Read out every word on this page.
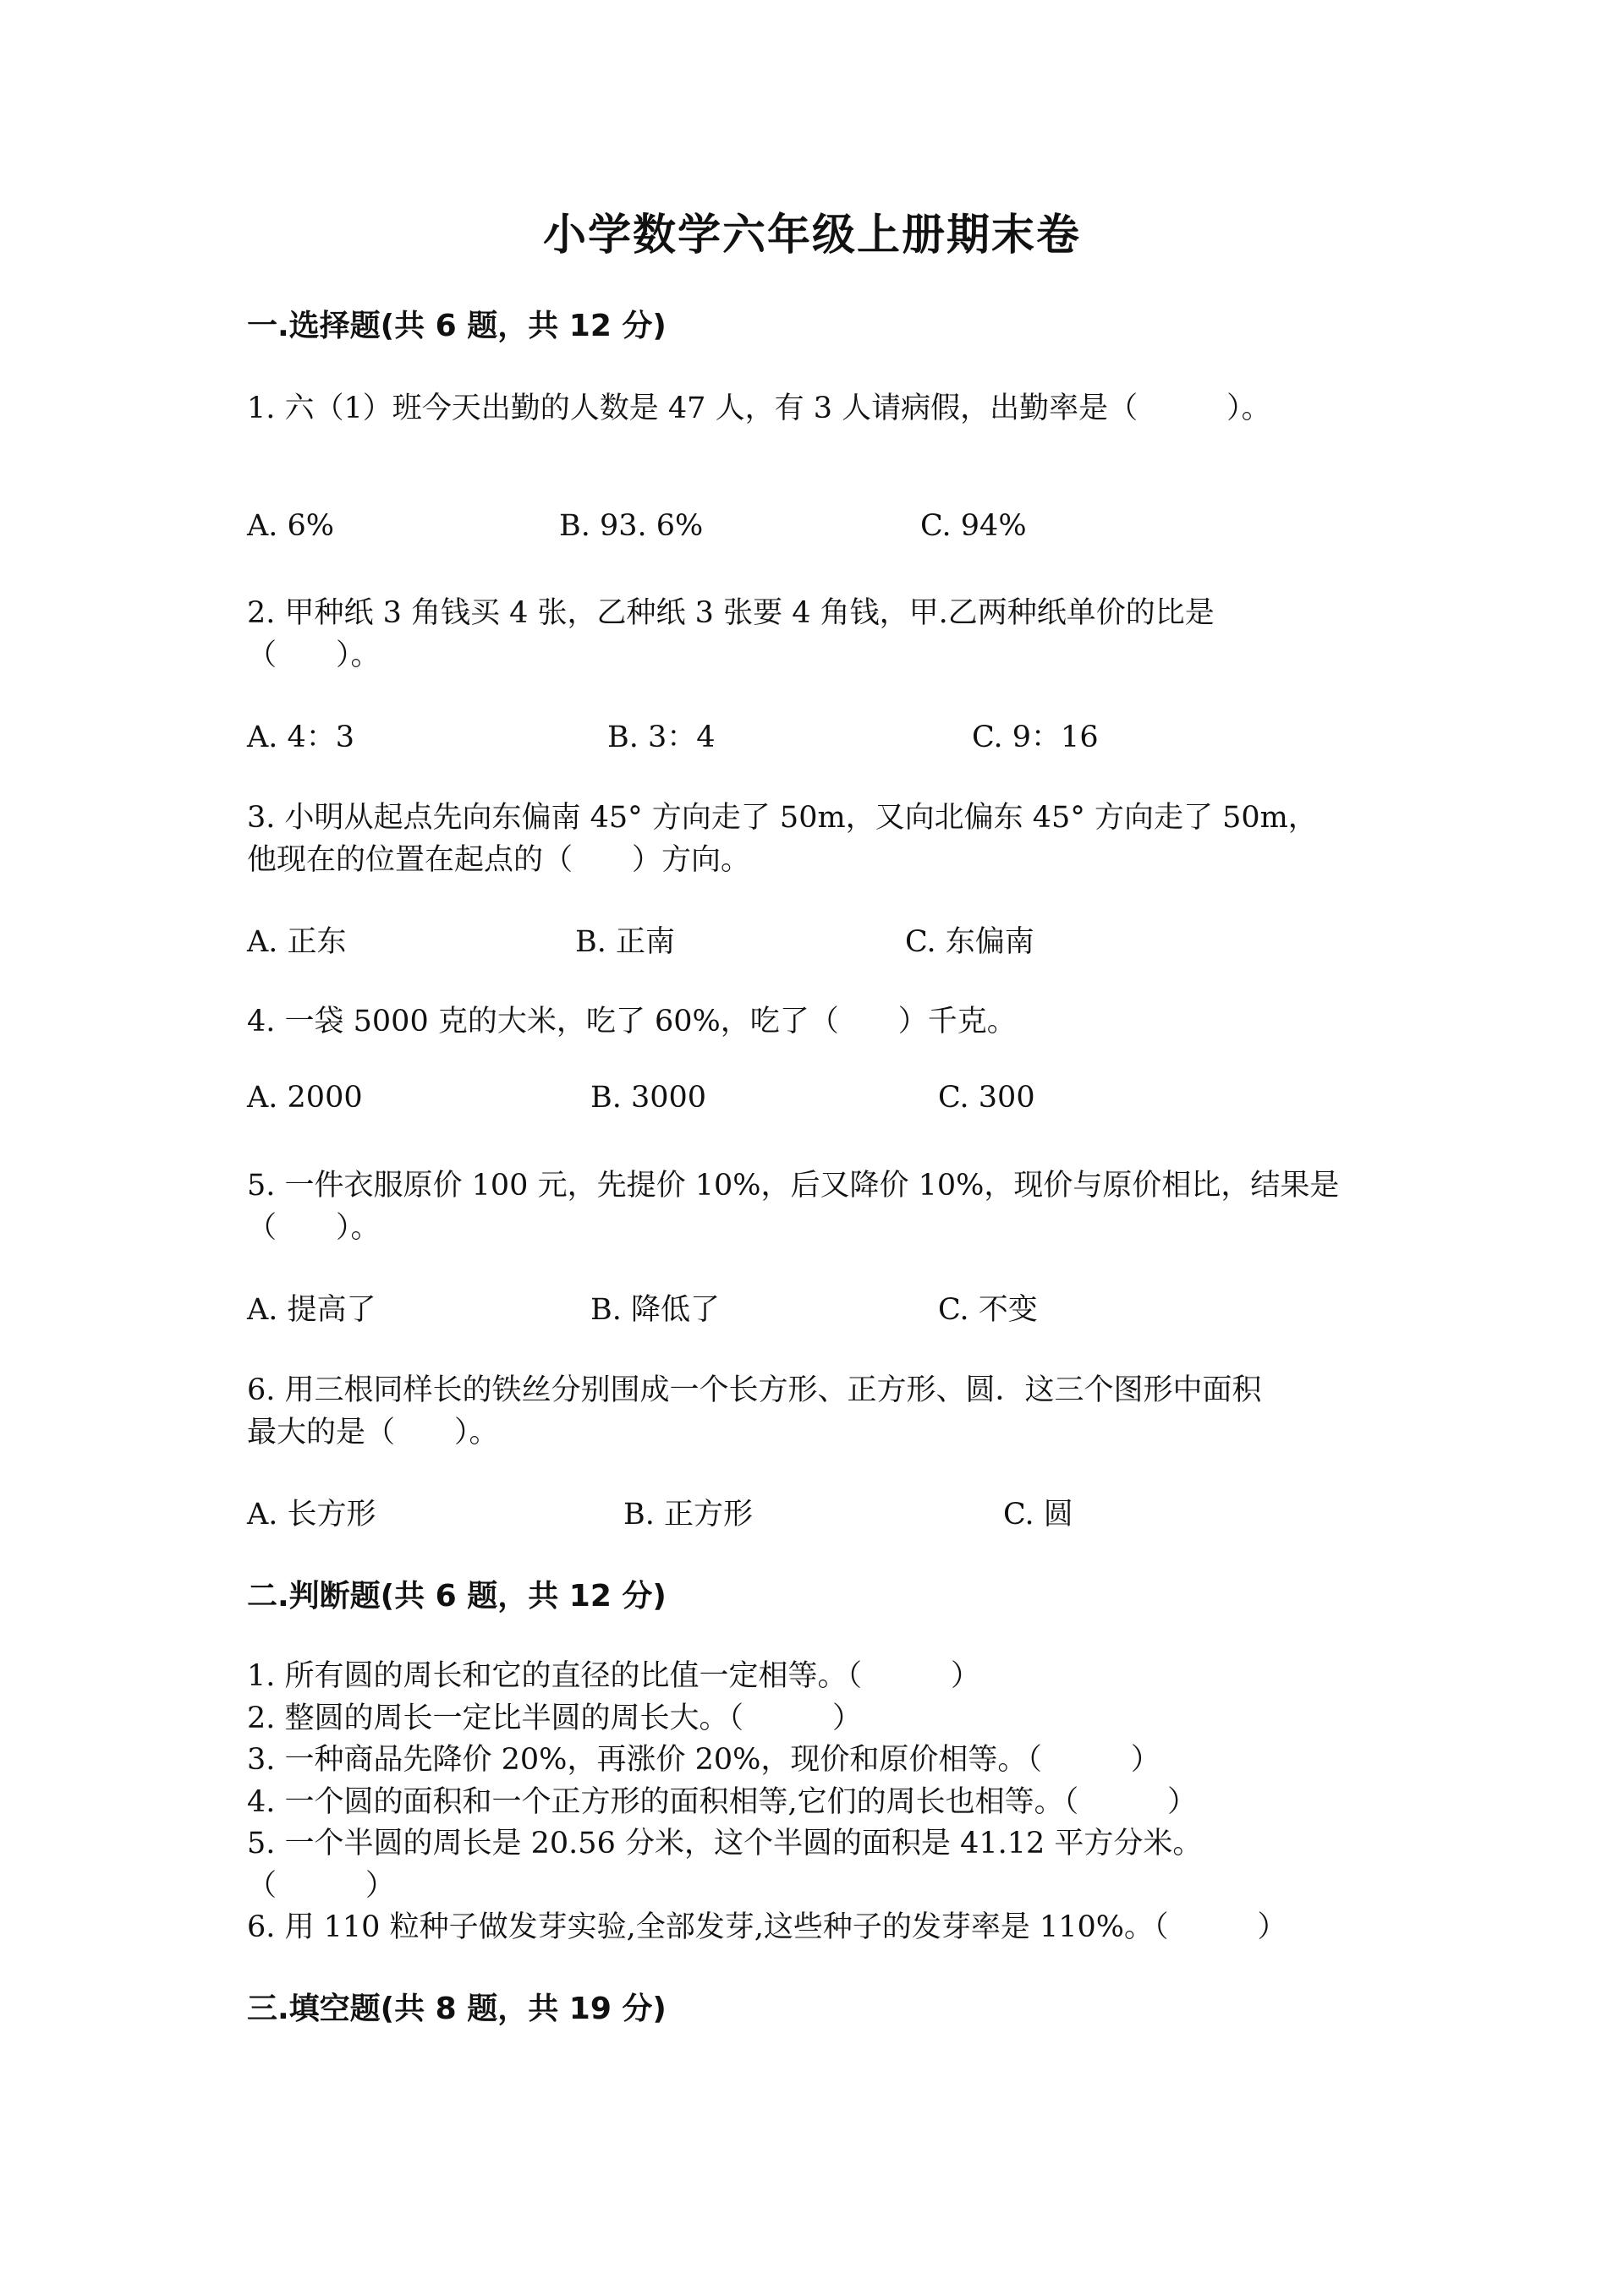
小学数学六年级上册期末卷
一.选择题(共 6 题，共 12 分)
1. 六（1）班今天出勤的人数是 47 人，有 3 人请病假，出勤率是（　　　）。
A. 6%	B. 93. 6%	C. 94%
2. 甲种纸 3 角钱买 4 张，乙种纸 3 张要 4 角钱，甲.乙两种纸单价的比是
（　　）。
A. 4：3	B. 3：4	C. 9：16
3. 小明从起点先向东偏南 45° 方向走了 50m，又向北偏东 45° 方向走了 50m，
他现在的位置在起点的（　　）方向。
A. 正东	B. 正南	C. 东偏南
4. 一袋 5000 克的大米，吃了 60%，吃了（　　）千克。
A. 2000	B. 3000	C. 300
5. 一件衣服原价 100 元，先提价 10%，后又降价 10%，现价与原价相比，结果是
（　　）。
A. 提高了	B. 降低了	C. 不变
6. 用三根同样长的铁丝分别围成一个长方形、正方形、圆．这三个图形中面积
最大的是（　　）。
A. 长方形	B. 正方形	C. 圆
二.判断题(共 6 题，共 12 分)
1. 所有圆的周长和它的直径的比值一定相等。（　　　）
2. 整圆的周长一定比半圆的周长大。（　　　）
3. 一种商品先降价 20%，再涨价 20%，现价和原价相等。（　　　）
4. 一个圆的面积和一个正方形的面积相等,它们的周长也相等。（　　　）
5. 一个半圆的周长是 20.56 分米，这个半圆的面积是 41.12 平方分米。
（　　　）
6. 用 110 粒种子做发芽实验,全部发芽,这些种子的发芽率是 110%。（　　　）
三.填空题(共 8 题，共 19 分)
